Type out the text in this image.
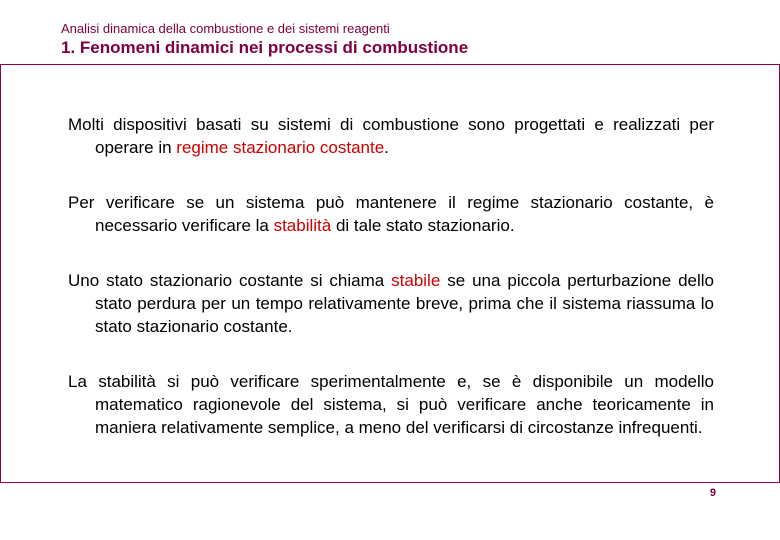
Analisi dinamica della combustione e dei sistemi reagenti
1. Fenomeni dinamici nei processi di combustione

Molti dispositivi basati su sistemi di combustione sono progettati e realizzati per operare in regime stazionario costante.

Per verificare se un sistema può mantenere il regime stazionario costante, è necessario verificare la stabilità di tale stato stazionario.

Uno stato stazionario costante si chiama stabile se una piccola perturbazione dello stato perdura per un tempo relativamente breve, prima che il sistema riassuma lo stato stazionario costante.

La stabilità si può verificare sperimentalmente e, se è disponibile un modello matematico ragionevole del sistema, si può verificare anche teoricamente in maniera relativamente semplice, a meno del verificarsi di circostanze infrequenti.

9
